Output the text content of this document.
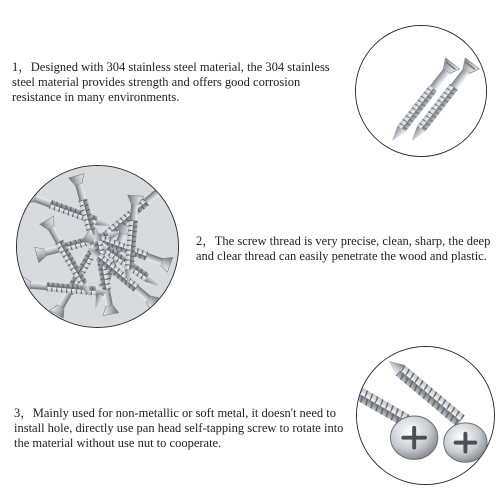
1，Designed with 304 stainless steel material, the 304 stainless steel material provides strength and offers good corrosion resistance in many environments.

2，The screw thread is very precise, clean, sharp, the deep and clear thread can easily penetrate the wood and plastic.

3，Mainly used for non-metallic or soft metal, it doesn't need to install hole, directly use pan head self-tapping screw to rotate into the material without use nut to cooperate.
